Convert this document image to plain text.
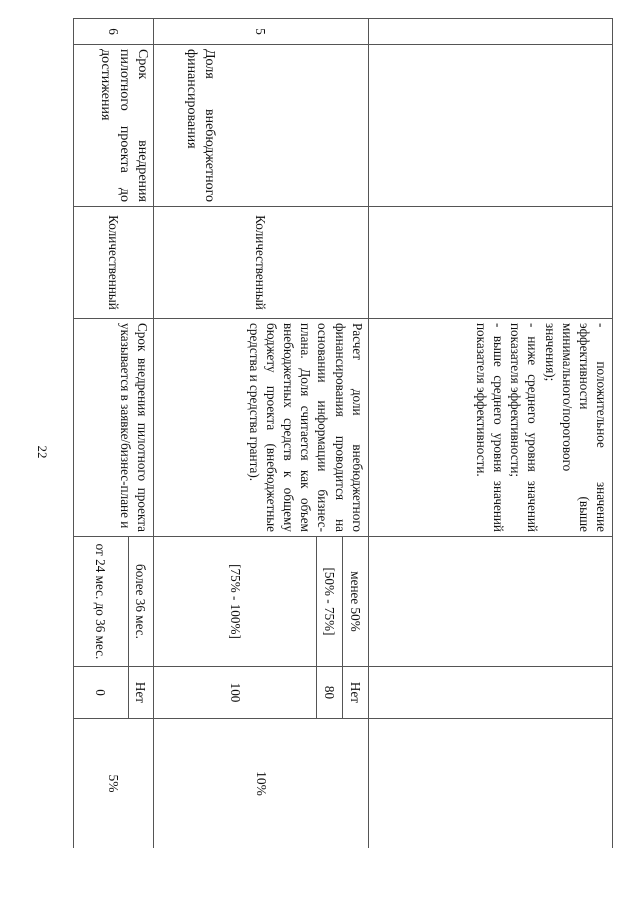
22

			- положительное значение эффективности (выше минимального/порогового значения);
- ниже среднего уровня значений показателя эффективности;
- выше среднего уровня значений показателя эффективности.			

5	Доля внебюджетного финансирования	Количественный	Расчет доли внебюджетного финансирования проводится на основании информации бизнес-плана. Доля считается как объем внебюджетных средств к общему бюджету проекта (внебюджетные средства и средства гранта).	менее 50%	Нет	10%
				[50% - 75%]	80	
				[75% - 100%]	100	
6	Срок внедрения пилотного проекта до достижения	Количественный	Срок внедрения пилотного проекта указывается в заявке/бизнес-плане и	более 36 мес.	Нет	5%
				от 24 мес. до 36 мес.	0	
